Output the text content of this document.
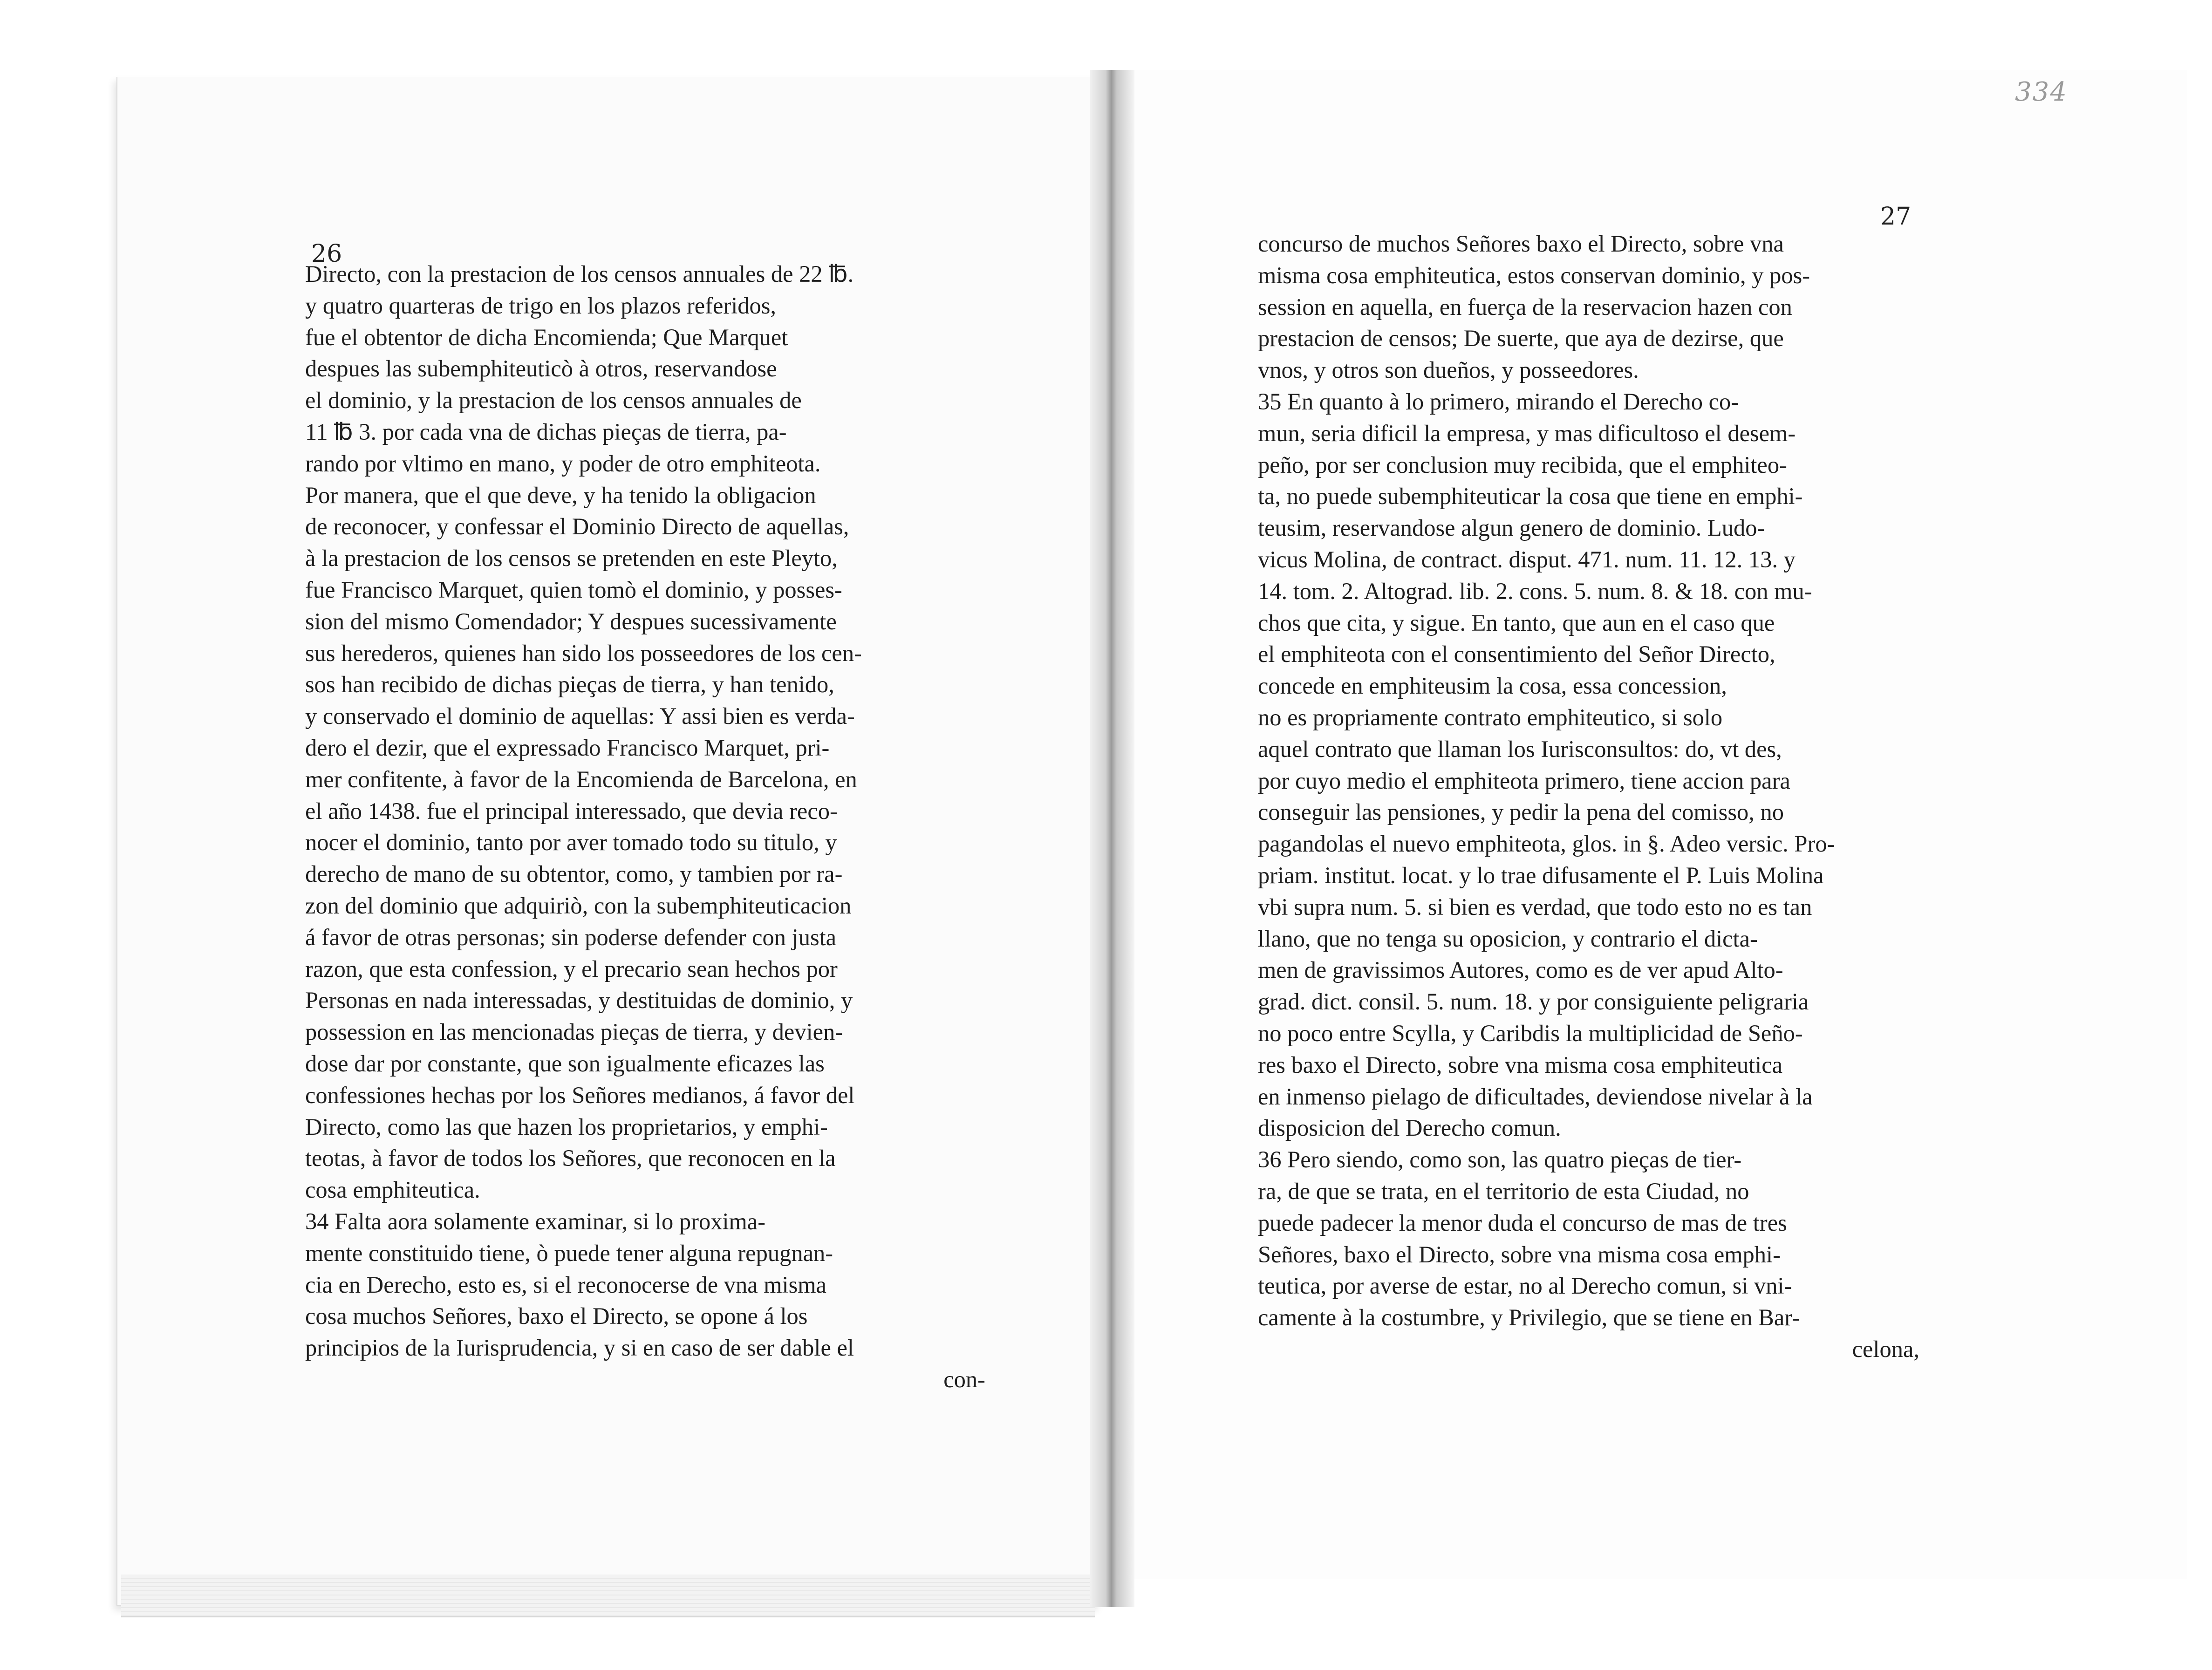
334
26
27
Directo, con la prestacion de los censos annuales de 22 ℔.
y quatro quarteras de trigo en los plazos referidos,
fue el obtentor de dicha Encomienda; Que Marquet
despues las subemphiteuticò à otros, reservandose
el dominio, y la prestacion de los censos annuales de
11 ℔ 3. por cada vna de dichas pieças de tierra, pa-
rando por vltimo en mano, y poder de otro emphiteota.
Por manera, que el que deve, y ha tenido la obligacion
de reconocer, y confessar el Dominio Directo de aquellas,
à la prestacion de los censos se pretenden en este Pleyto,
fue Francisco Marquet, quien tomò el dominio, y posses-
sion del mismo Comendador; Y despues sucessivamente
sus herederos, quienes han sido los posseedores de los cen-
sos han recibido de dichas pieças de tierra, y han tenido,
y conservado el dominio de aquellas: Y assi bien es verda-
dero el dezir, que el expressado Francisco Marquet, pri-
mer confitente, à favor de la Encomienda de Barcelona, en
el año 1438. fue el principal interessado, que devia reco-
nocer el dominio, tanto por aver tomado todo su titulo, y
derecho de mano de su obtentor, como, y tambien por ra-
zon del dominio que adquiriò, con la subemphiteuticacion
á favor de otras personas; sin poderse defender con justa
razon, que esta confession, y el precario sean hechos por
Personas en nada interessadas, y destituidas de dominio, y
possession en las mencionadas pieças de tierra, y devien-
dose dar por constante, que son igualmente eficazes las
confessiones hechas por los Señores medianos, á favor del
Directo, como las que hazen los proprietarios, y emphi-
teotas, à favor de todos los Señores, que reconocen en la
cosa emphiteutica.
34 Falta aora solamente examinar, si lo proxima-
mente constituido tiene, ò puede tener alguna repugnan-
cia en Derecho, esto es, si el reconocerse de vna misma
cosa muchos Señores, baxo el Directo, se opone á los
principios de la Iurisprudencia, y si en caso de ser dable el
con-
concurso de muchos Señores baxo el Directo, sobre vna
misma cosa emphiteutica, estos conservan dominio, y pos-
session en aquella, en fuerça de la reservacion hazen con
prestacion de censos; De suerte, que aya de dezirse, que
vnos, y otros son dueños, y posseedores.
35 En quanto à lo primero, mirando el Derecho co-
mun, seria dificil la empresa, y mas dificultoso el desem-
peño, por ser conclusion muy recibida, que el emphiteo-
ta, no puede subemphiteuticar la cosa que tiene en emphi-
teusim, reservandose algun genero de dominio. Ludo-
vicus Molina, de contract. disput. 471. num. 11. 12. 13. y
14. tom. 2. Altograd. lib. 2. cons. 5. num. 8. & 18. con mu-
chos que cita, y sigue. En tanto, que aun en el caso que
el emphiteota con el consentimiento del Señor Directo,
concede en emphiteusim la cosa, essa concession,
no es propriamente contrato emphiteutico, si solo
aquel contrato que llaman los Iurisconsultos: do, vt des,
por cuyo medio el emphiteota primero, tiene accion para
conseguir las pensiones, y pedir la pena del comisso, no
pagandolas el nuevo emphiteota, glos. in §. Adeo versic. Pro-
priam. institut. locat. y lo trae difusamente el P. Luis Molina
vbi supra num. 5. si bien es verdad, que todo esto no es tan
llano, que no tenga su oposicion, y contrario el dicta-
men de gravissimos Autores, como es de ver apud Alto-
grad. dict. consil. 5. num. 18. y por consiguiente peligraria
no poco entre Scylla, y Caribdis la multiplicidad de Seño-
res baxo el Directo, sobre vna misma cosa emphiteutica
en inmenso pielago de dificultades, deviendose nivelar à la
disposicion del Derecho comun.
36 Pero siendo, como son, las quatro pieças de tier-
ra, de que se trata, en el territorio de esta Ciudad, no
puede padecer la menor duda el concurso de mas de tres
Señores, baxo el Directo, sobre vna misma cosa emphi-
teutica, por averse de estar, no al Derecho comun, si vni-
camente à la costumbre, y Privilegio, que se tiene en Bar-
celona,
